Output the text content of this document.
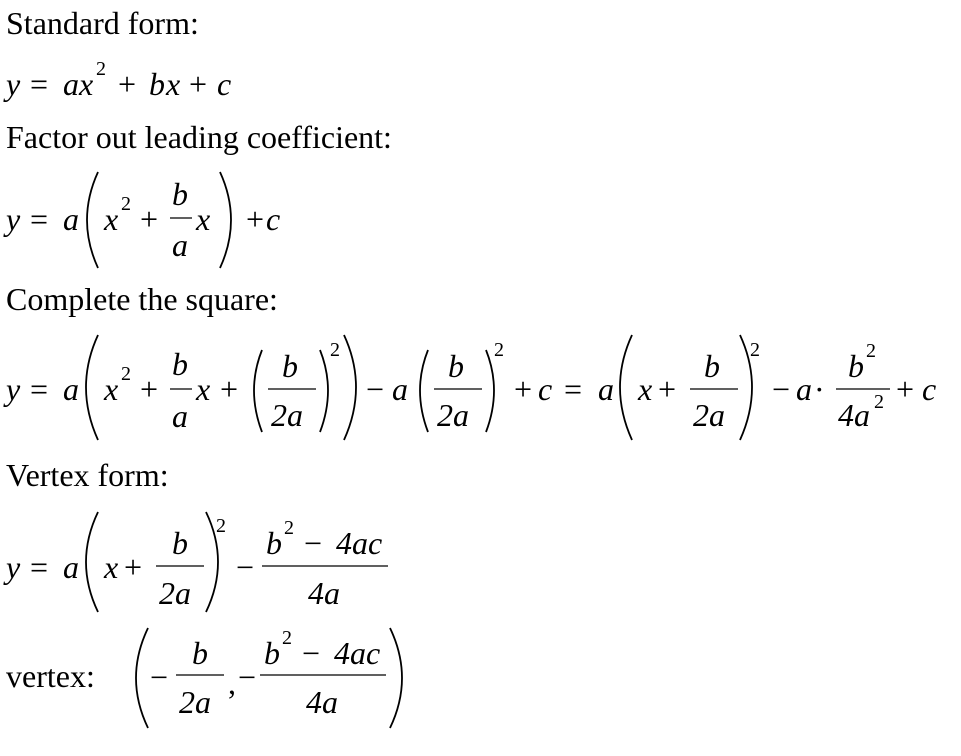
Standard form:
Factor out leading coefficient:
Complete the square:
Vertex form:
vertex:
y = a x 2 + b x + c
y = a x 2 +
b
a
x + c
y = a x 2 +
b
a
x +
b
2a
2
− a
b
2a
2
+ c = a x +
b
2a
2
− a ·
b 2
4a 2 + c
y = a x +
b
2a
2
−
b 2 − 4ac
4a
−
b
2a
, −
b 2 − 4ac
4a
